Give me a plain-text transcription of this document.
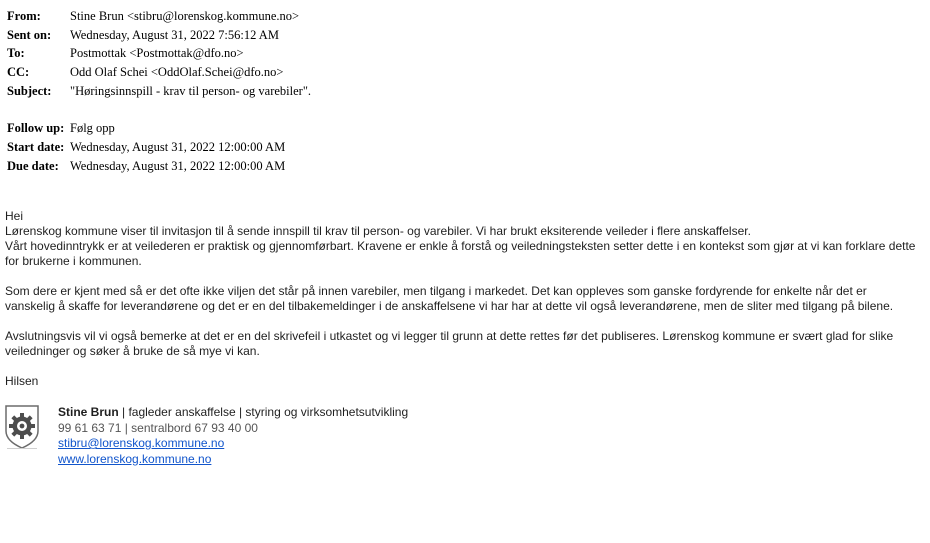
From: Stine Brun <stibru@lorenskog.kommune.no>
Sent on: Wednesday, August 31, 2022 7:56:12 AM
To:	Postmottak <Postmottak@dfo.no>
CC:	Odd Olaf Schei <OddOlaf.Schei@dfo.no>
Subject: "Høringsinnspill - krav til person- og varebiler".
Follow up: Følg opp
Start date: Wednesday, August 31, 2022 12:00:00 AM
Due date: Wednesday, August 31, 2022 12:00:00 AM

Hei
Lørenskog kommune viser til invitasjon til å sende innspill til krav til person- og varebiler. Vi har brukt eksiterende veileder i flere anskaffelser.
Vårt hovedinntrykk er at veilederen er praktisk og gjennomførbart. Kravene er enkle å forstå og veiledningsteksten setter dette i en kontekst som gjør at vi kan forklare dette for brukerne i kommunen.

Som dere er kjent med så er det ofte ikke viljen det står på innen varebiler, men tilgang i markedet. Det kan oppleves som ganske fordyrende for enkelte når det er vanskelig å skaffe for leverandørene og det er en del tilbakemeldinger i de anskaffelsene vi har har at dette vil også leverandørene, men de sliter med tilgang på bilene.

Avslutningsvis vil vi også bemerke at det er en del skrivefeil i utkastet og vi legger til grunn at dette rettes før det publiseres. Lørenskog kommune er svært glad for slike veiledninger og søker å bruke de så mye vi kan.

Hilsen

Stine Brun | fagleder anskaffelse | styring og virksomhetsutvikling
99 61 63 71 | sentralbord 67 93 40 00
stibru@lorenskog.kommune.no
www.lorenskog.kommune.no
